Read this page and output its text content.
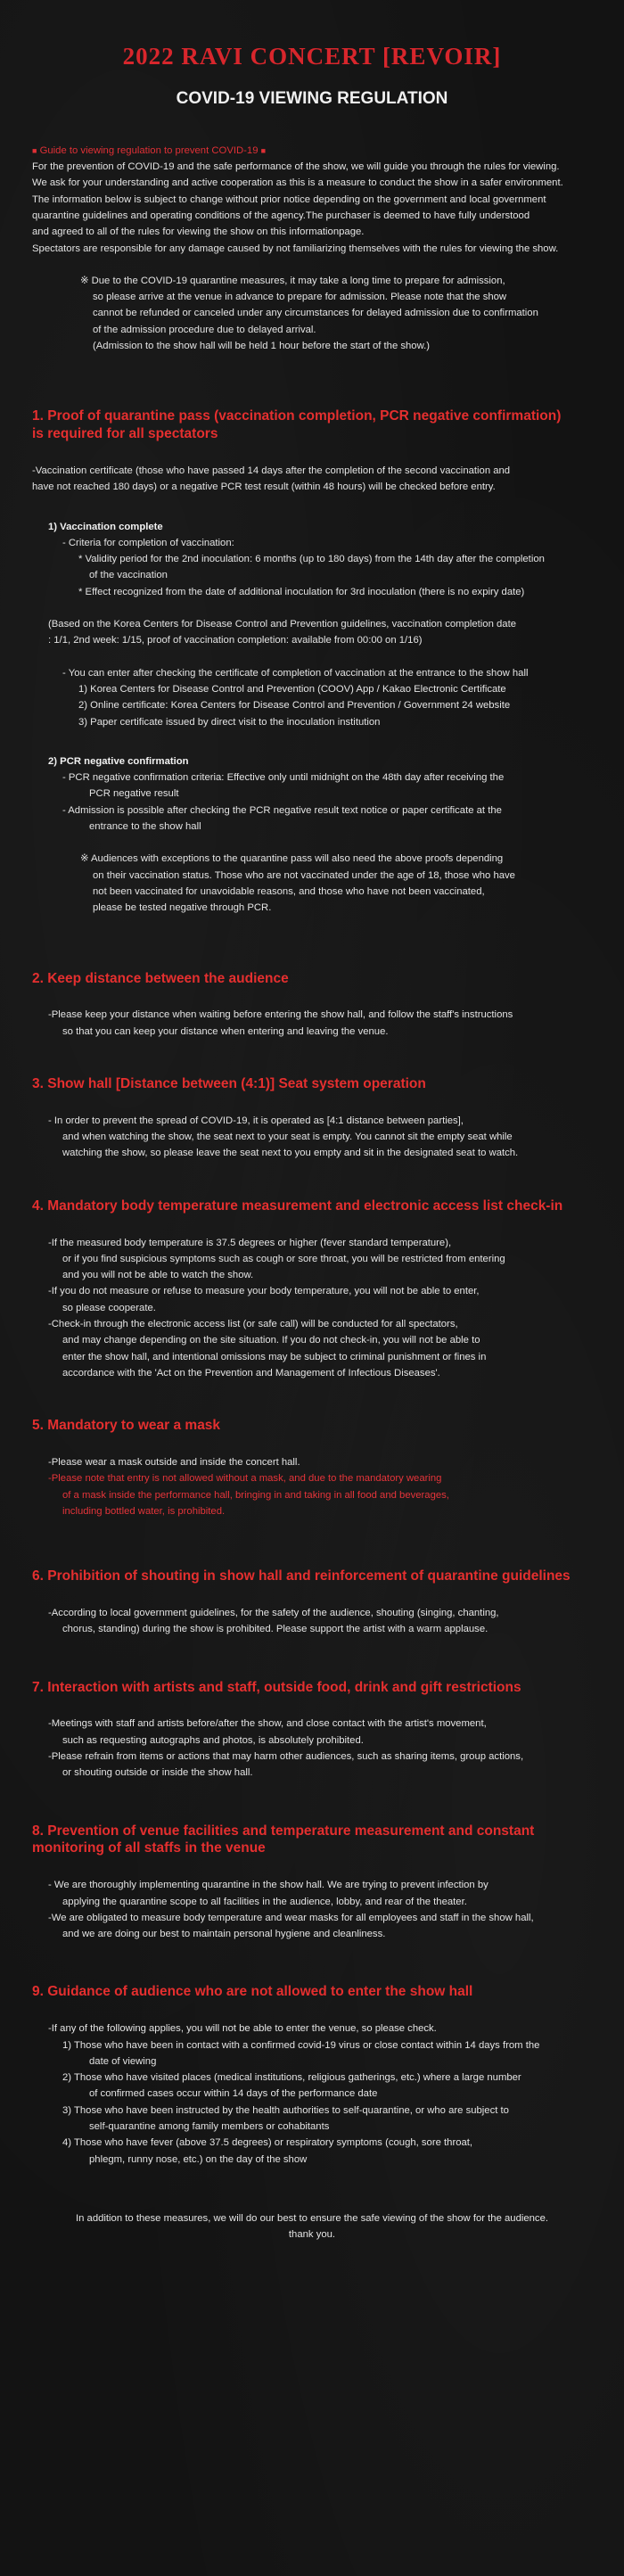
2022 RAVI CONCERT [REVOIR]
COVID-19 VIEWING REGULATION

■ Guide to viewing regulation to prevent COVID-19 ■

For the prevention of COVID-19 and the safe performance of the show, we will guide you through the rules for viewing.

We ask for your understanding and active cooperation as this is a measure to conduct the show in a safer environment.

The information below is subject to change without prior notice depending on the government and local government

quarantine guidelines and operating conditions of the agency.The purchaser is deemed to have fully understood

and agreed to all of the rules for viewing the show on this informationpage.

Spectators are responsible for any damage caused by not familiarizing themselves with the rules for viewing the show.

※ Due to the COVID-19 quarantine measures, it may take a long time to prepare for admission,

so please arrive at the venue in advance to prepare for admission. Please note that the show

cannot be refunded or canceled under any circumstances for delayed admission due to confirmation

of the admission procedure due to delayed arrival.

(Admission to the show hall will be held 1 hour before the start of the show.)

1. Proof of quarantine pass (vaccination completion, PCR negative confirmation)
is required for all spectators

-Vaccination certificate (those who have passed 14 days after the completion of the second vaccination and

have not reached 180 days) or a negative PCR test result (within 48 hours) will be checked before entry.

1) Vaccination complete

- Criteria for completion of vaccination:

* Validity period for the 2nd inoculation: 6 months (up to 180 days) from the 14th day after the completion

of the vaccination

* Effect recognized from the date of additional inoculation for 3rd inoculation (there is no expiry date)

(Based on the Korea Centers for Disease Control and Prevention guidelines, vaccination completion date

: 1/1, 2nd week: 1/15, proof of vaccination completion: available from 00:00 on 1/16)

- You can enter after checking the certificate of completion of vaccination at the entrance to the show hall

1) Korea Centers for Disease Control and Prevention (COOV) App / Kakao Electronic Certificate

2) Online certificate: Korea Centers for Disease Control and Prevention / Government 24 website

3) Paper certificate issued by direct visit to the inoculation institution

2) PCR negative confirmation

- PCR negative confirmation criteria: Effective only until midnight on the 48th day after receiving the

PCR negative result

- Admission is possible after checking the PCR negative result text notice or paper certificate at the

entrance to the show hall

※ Audiences with exceptions to the quarantine pass will also need the above proofs depending

on their vaccination status. Those who are not vaccinated under the age of 18, those who have

not been vaccinated for unavoidable reasons, and those who have not been vaccinated,

please be tested negative through PCR.

2. Keep distance between the audience

-Please keep your distance when waiting before entering the show hall, and follow the staff's instructions

so that you can keep your distance when entering and leaving the venue.

3. Show hall [Distance between (4:1)] Seat system operation

- In order to prevent the spread of COVID-19, it is operated as [4:1 distance between parties],

and when watching the show, the seat next to your seat is empty. You cannot sit the empty seat while

watching the show, so please leave the seat next to you empty and sit in the designated seat to watch.

4. Mandatory body temperature measurement and electronic access list check-in

-If the measured body temperature is 37.5 degrees or higher (fever standard temperature),

or if you find suspicious symptoms such as cough or sore throat, you will be restricted from entering

and you will not be able to watch the show.

-If you do not measure or refuse to measure your body temperature, you will not be able to enter,

so please cooperate.

-Check-in through the electronic access list (or safe call) will be conducted for all spectators,

and may change depending on the site situation. If you do not check-in, you will not be able to

enter the show hall, and intentional omissions may be subject to criminal punishment or fines in

accordance with the 'Act on the Prevention and Management of Infectious Diseases'.

5. Mandatory to wear a mask

-Please wear a mask outside and inside the concert hall.

-Please note that entry is not allowed without a mask, and due to the mandatory wearing

of a mask inside the performance hall, bringing in and taking in all food and beverages,

including bottled water, is prohibited.

6. Prohibition of shouting in show hall and reinforcement of quarantine guidelines

-According to local government guidelines, for the safety of the audience, shouting (singing, chanting,

chorus, standing) during the show is prohibited. Please support the artist with a warm applause.

7. Interaction with artists and staff, outside food, drink and gift restrictions

-Meetings with staff and artists before/after the show, and close contact with the artist's movement,

such as requesting autographs and photos, is absolutely prohibited.

-Please refrain from items or actions that may harm other audiences, such as sharing items, group actions,

or shouting outside or inside the show hall.

8. Prevention of venue facilities and temperature measurement and constant
monitoring of all staffs in the venue

- We are thoroughly implementing quarantine in the show hall. We are trying to prevent infection by

applying the quarantine scope to all facilities in the audience, lobby, and rear of the theater.

-We are obligated to measure body temperature and wear masks for all employees and staff in the show hall,

and we are doing our best to maintain personal hygiene and cleanliness.

9. Guidance of audience who are not allowed to enter the show hall

-If any of the following applies, you will not be able to enter the venue, so please check.

1) Those who have been in contact with a confirmed covid-19 virus or close contact within 14 days from the

date of viewing

2) Those who have visited places (medical institutions, religious gatherings, etc.) where a large number

of confirmed cases occur within 14 days of the performance date

3) Those who have been instructed by the health authorities to self-quarantine, or who are subject to

self-quarantine among family members or cohabitants

4) Those who have fever (above 37.5 degrees) or respiratory symptoms (cough, sore throat,

phlegm, runny nose, etc.) on the day of the show

In addition to these measures, we will do our best to ensure the safe viewing of the show for the audience.

thank you.
